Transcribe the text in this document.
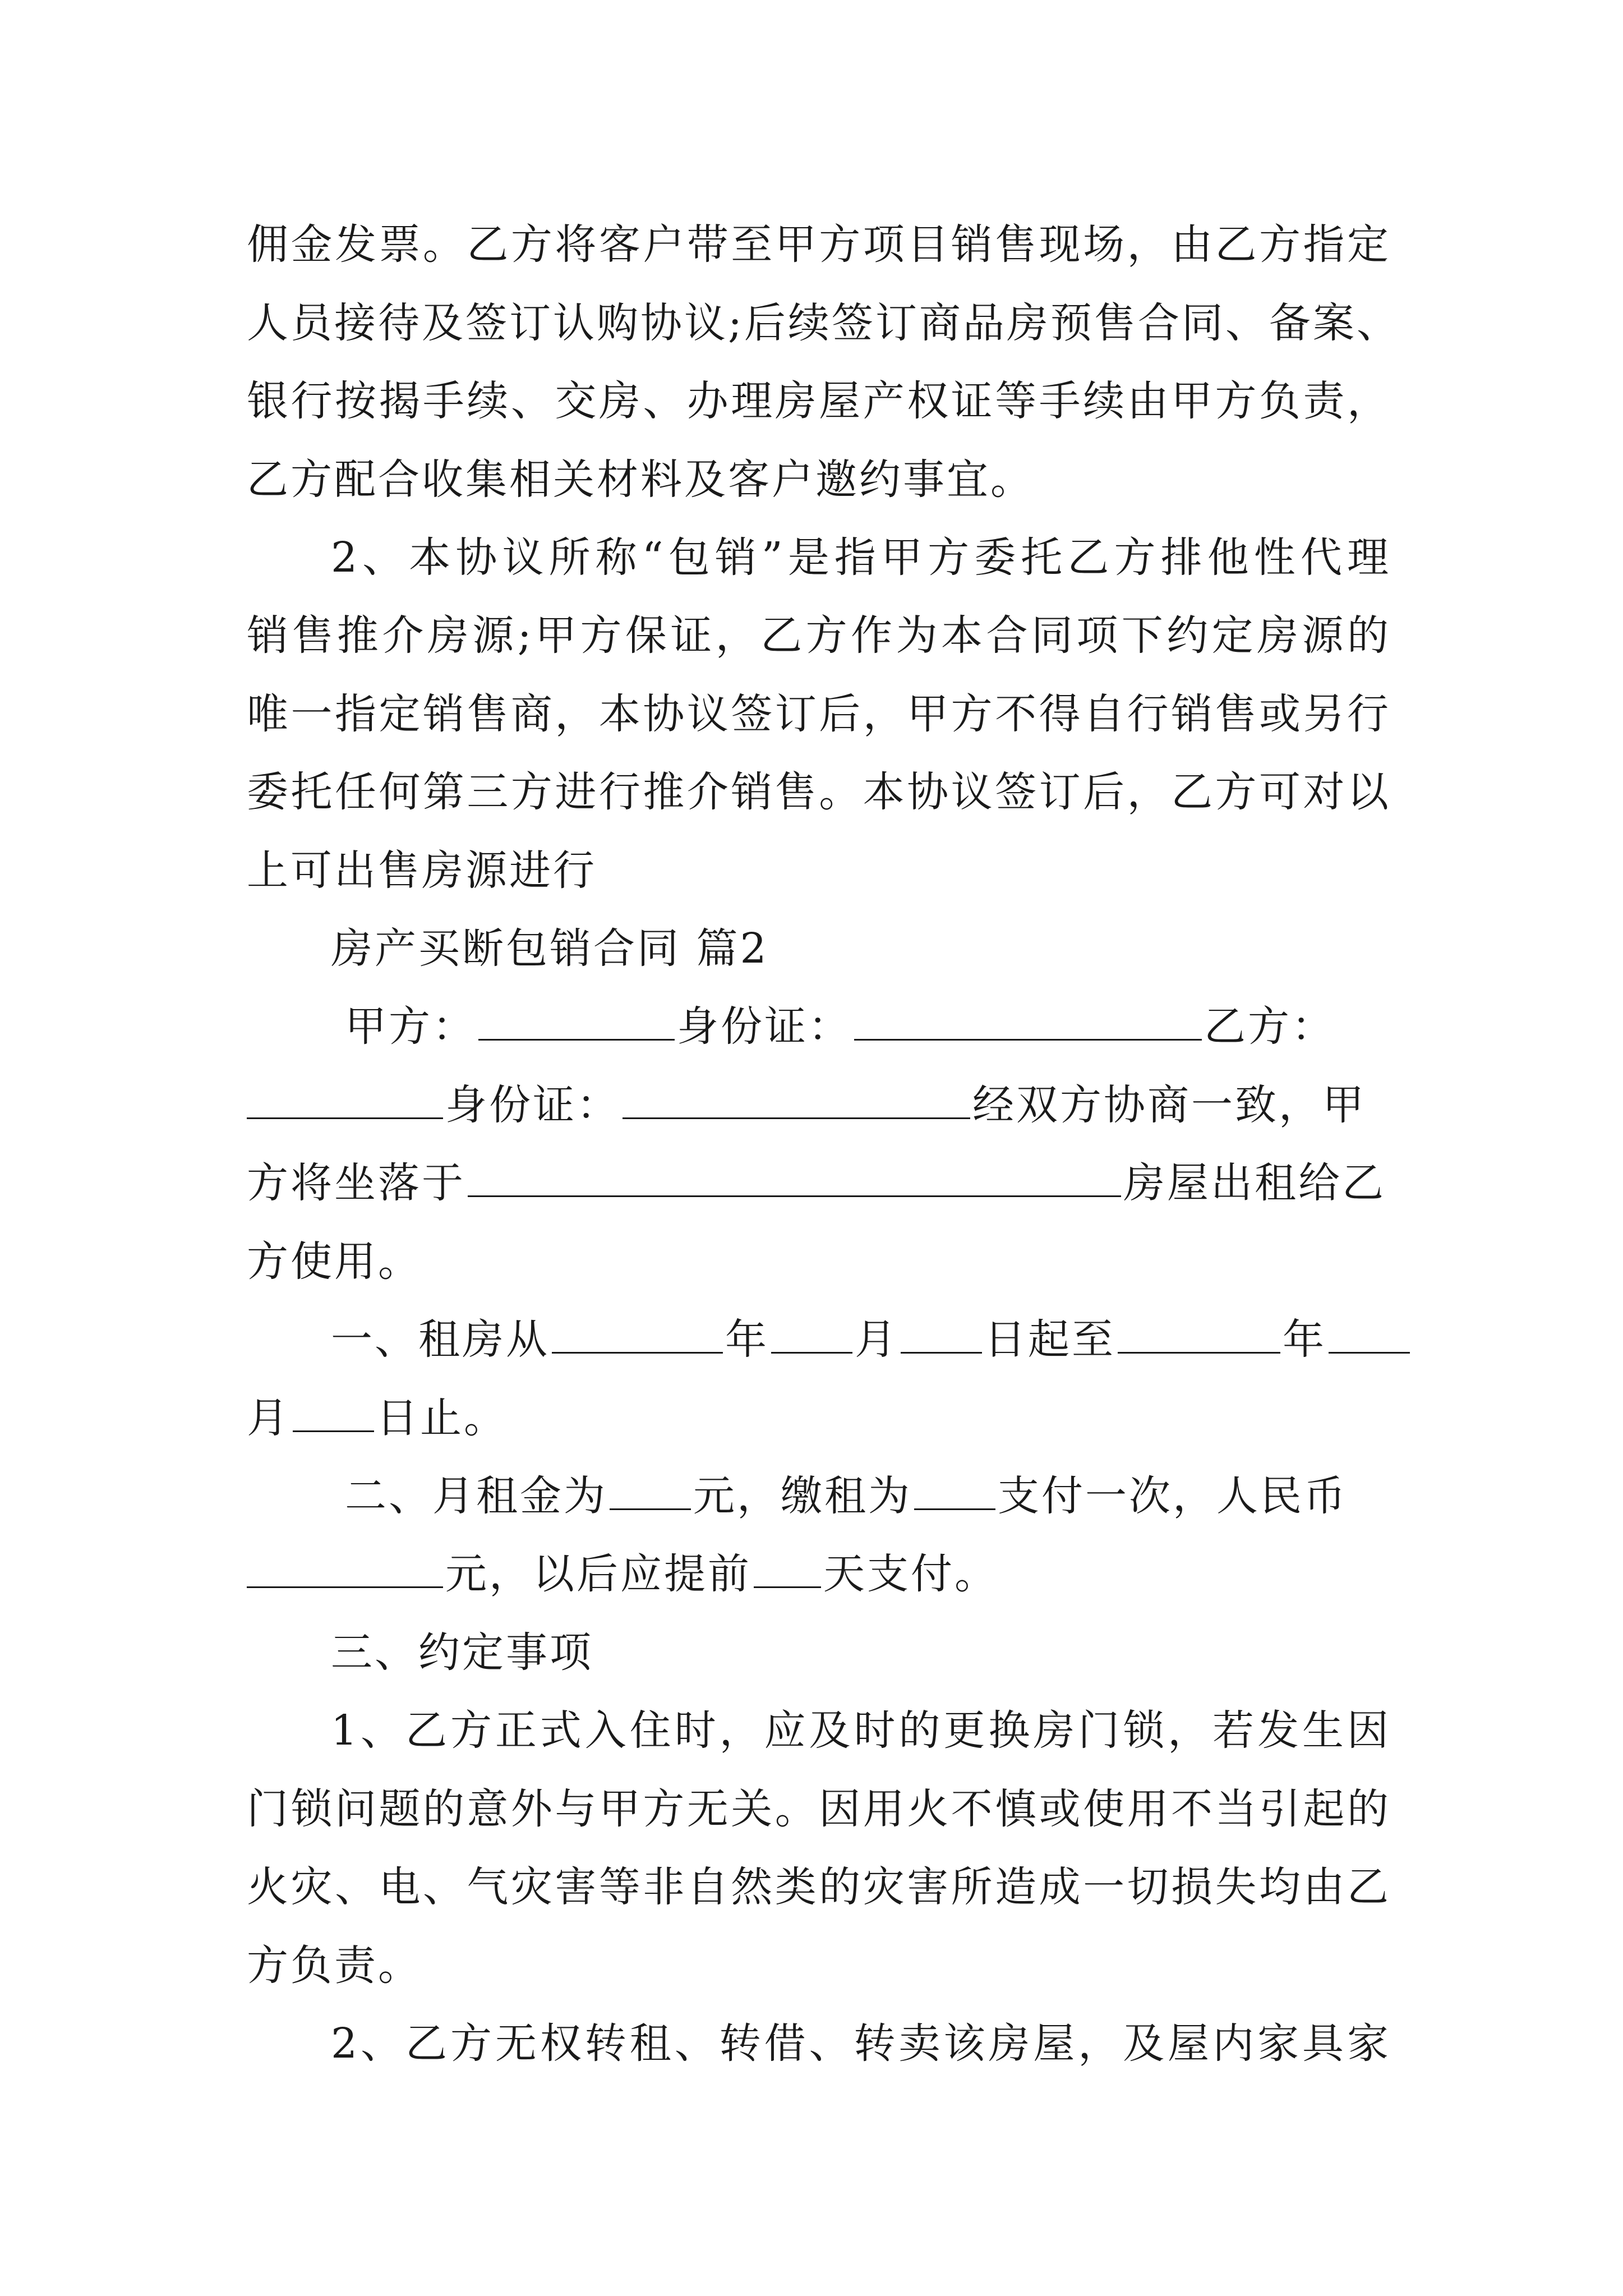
佣金发票。乙方将客户带至甲方项目销售现场，由乙方指定
人员接待及签订认购协议;后续签订商品房预售合同、备案、
银行按揭手续、交房、办理房屋产权证等手续由甲方负责，
乙方配合收集相关材料及客户邀约事宜。
2、本协议所称“包销”是指甲方委托乙方排他性代理
销售推介房源;甲方保证，乙方作为本合同项下约定房源的
唯一指定销售商，本协议签订后，甲方不得自行销售或另行
委托任何第三方进行推介销售。本协议签订后，乙方可对以
上可出售房源进行
房产买断包销合同 篇2
甲方：	身份证：	乙方：
身份证：	经双方协商一致，甲
方将坐落于	房屋出租给乙
方使用。
一、租房从	年 月 日起至	年
月 日止。
二、月租金为 元，缴租为 支付一次，人民币
元，以后应提前 天支付。
三、约定事项
1、乙方正式入住时，应及时的更换房门锁，若发生因
门锁问题的意外与甲方无关。因用火不慎或使用不当引起的
火灾、电、气灾害等非自然类的灾害所造成一切损失均由乙
方负责。
2、乙方无权转租、转借、转卖该房屋，及屋内家具家
